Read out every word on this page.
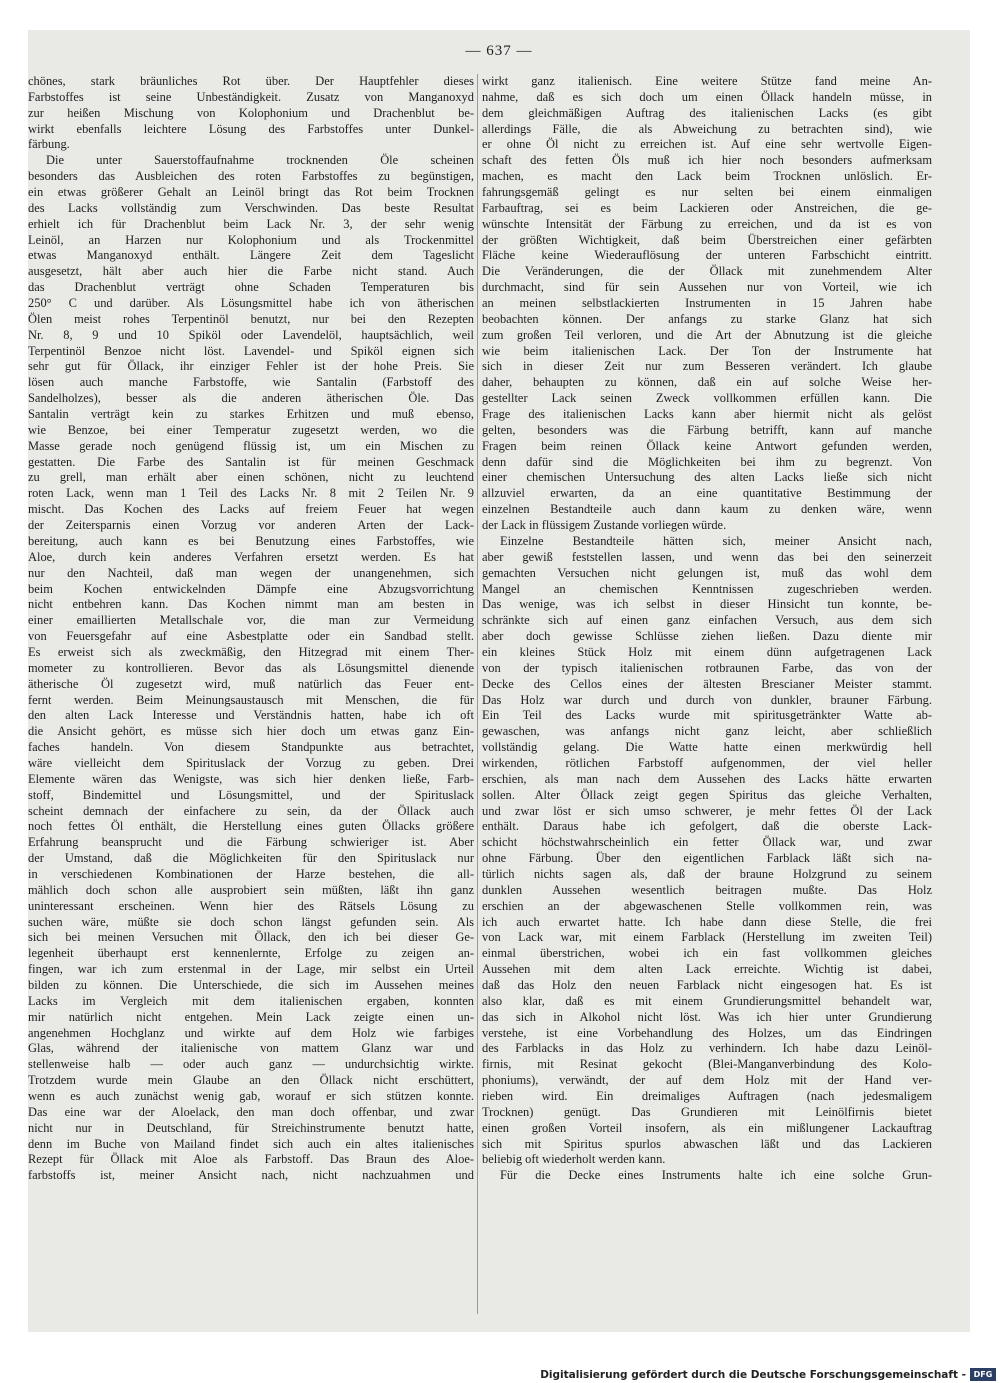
— 637 —
chönes, stark bräunliches Rot über. Der Hauptfehler dieses
Farbstoffes ist seine Unbeständigkeit. Zusatz von Manganoxyd
zur heißen Mischung von Kolophonium und Drachenblut be-
wirkt ebenfalls leichtere Lösung des Farbstoffes unter Dunkel-
färbung.
Die unter Sauerstoffaufnahme trocknenden Öle scheinen
besonders das Ausbleichen des roten Farbstoffes zu begünstigen,
ein etwas größerer Gehalt an Leinöl bringt das Rot beim Trocknen
des Lacks vollständig zum Verschwinden. Das beste Resultat
erhielt ich für Drachenblut beim Lack Nr. 3, der sehr wenig
Leinöl, an Harzen nur Kolophonium und als Trockenmittel
etwas Manganoxyd enthält. Längere Zeit dem Tageslicht
ausgesetzt, hält aber auch hier die Farbe nicht stand. Auch
das Drachenblut verträgt ohne Schaden Temperaturen bis
250° C und darüber. Als Lösungsmittel habe ich von ätherischen
Ölen meist rohes Terpentinöl benutzt, nur bei den Rezepten
Nr. 8, 9 und 10 Spiköl oder Lavendelöl, hauptsächlich, weil
Terpentinöl Benzoe nicht löst. Lavendel- und Spiköl eignen sich
sehr gut für Öllack, ihr einziger Fehler ist der hohe Preis. Sie
lösen auch manche Farbstoffe, wie Santalin (Farbstoff des
Sandelholzes), besser als die anderen ätherischen Öle. Das
Santalin verträgt kein zu starkes Erhitzen und muß ebenso,
wie Benzoe, bei einer Temperatur zugesetzt werden, wo die
Masse gerade noch genügend flüssig ist, um ein Mischen zu
gestatten. Die Farbe des Santalin ist für meinen Geschmack
zu grell, man erhält aber einen schönen, nicht zu leuchtend
roten Lack, wenn man 1 Teil des Lacks Nr. 8 mit 2 Teilen Nr. 9
mischt. Das Kochen des Lacks auf freiem Feuer hat wegen
der Zeitersparnis einen Vorzug vor anderen Arten der Lack-
bereitung, auch kann es bei Benutzung eines Farbstoffes, wie
Aloe, durch kein anderes Verfahren ersetzt werden. Es hat
nur den Nachteil, daß man wegen der unangenehmen, sich
beim Kochen entwickelnden Dämpfe eine Abzugsvorrichtung
nicht entbehren kann. Das Kochen nimmt man am besten in
einer emaillierten Metallschale vor, die man zur Vermeidung
von Feuersgefahr auf eine Asbestplatte oder ein Sandbad stellt.
Es erweist sich als zweckmäßig, den Hitzegrad mit einem Ther-
mometer zu kontrollieren. Bevor das als Lösungsmittel dienende
ätherische Öl zugesetzt wird, muß natürlich das Feuer ent-
fernt werden. Beim Meinungsaustausch mit Menschen, die für
den alten Lack Interesse und Verständnis hatten, habe ich oft
die Ansicht gehört, es müsse sich hier doch um etwas ganz Ein-
faches handeln. Von diesem Standpunkte aus betrachtet,
wäre vielleicht dem Spirituslack der Vorzug zu geben. Drei
Elemente wären das Wenigste, was sich hier denken ließe, Farb-
stoff, Bindemittel und Lösungsmittel, und der Spirituslack
scheint demnach der einfachere zu sein, da der Öllack auch
noch fettes Öl enthält, die Herstellung eines guten Öllacks größere
Erfahrung beansprucht und die Färbung schwieriger ist. Aber
der Umstand, daß die Möglichkeiten für den Spirituslack nur
in verschiedenen Kombinationen der Harze bestehen, die all-
mählich doch schon alle ausprobiert sein müßten, läßt ihn ganz
uninteressant erscheinen. Wenn hier des Rätsels Lösung zu
suchen wäre, müßte sie doch schon längst gefunden sein. Als
sich bei meinen Versuchen mit Öllack, den ich bei dieser Ge-
legenheit überhaupt erst kennenlernte, Erfolge zu zeigen an-
fingen, war ich zum erstenmal in der Lage, mir selbst ein Urteil
bilden zu können. Die Unterschiede, die sich im Aussehen meines
Lacks im Vergleich mit dem italienischen ergaben, konnten
mir natürlich nicht entgehen. Mein Lack zeigte einen un-
angenehmen Hochglanz und wirkte auf dem Holz wie farbiges
Glas, während der italienische von mattem Glanz war und
stellenweise halb — oder auch ganz — undurchsichtig wirkte.
Trotzdem wurde mein Glaube an den Öllack nicht erschüttert,
wenn es auch zunächst wenig gab, worauf er sich stützen konnte.
Das eine war der Aloelack, den man doch offenbar, und zwar
nicht nur in Deutschland, für Streichinstrumente benutzt hatte,
denn im Buche von Mailand findet sich auch ein altes italienisches
Rezept für Öllack mit Aloe als Farbstoff. Das Braun des Aloe-
farbstoffs ist, meiner Ansicht nach, nicht nachzuahmen und
wirkt ganz italienisch. Eine weitere Stütze fand meine An-
nahme, daß es sich doch um einen Öllack handeln müsse, in
dem gleichmäßigen Auftrag des italienischen Lacks (es gibt
allerdings Fälle, die als Abweichung zu betrachten sind), wie
er ohne Öl nicht zu erreichen ist. Auf eine sehr wertvolle Eigen-
schaft des fetten Öls muß ich hier noch besonders aufmerksam
machen, es macht den Lack beim Trocknen unlöslich. Er-
fahrungsgemäß gelingt es nur selten bei einem einmaligen
Farbauftrag, sei es beim Lackieren oder Anstreichen, die ge-
wünschte Intensität der Färbung zu erreichen, und da ist es von
der größten Wichtigkeit, daß beim Überstreichen einer gefärbten
Fläche keine Wiederauflösung der unteren Farbschicht eintritt.
Die Veränderungen, die der Öllack mit zunehmendem Alter
durchmacht, sind für sein Aussehen nur von Vorteil, wie ich
an meinen selbstlackierten Instrumenten in 15 Jahren habe
beobachten können. Der anfangs zu starke Glanz hat sich
zum großen Teil verloren, und die Art der Abnutzung ist die gleiche
wie beim italienischen Lack. Der Ton der Instrumente hat
sich in dieser Zeit nur zum Besseren verändert. Ich glaube
daher, behaupten zu können, daß ein auf solche Weise her-
gestellter Lack seinen Zweck vollkommen erfüllen kann. Die
Frage des italienischen Lacks kann aber hiermit nicht als gelöst
gelten, besonders was die Färbung betrifft, kann auf manche
Fragen beim reinen Öllack keine Antwort gefunden werden,
denn dafür sind die Möglichkeiten bei ihm zu begrenzt. Von
einer chemischen Untersuchung des alten Lacks ließe sich nicht
allzuviel erwarten, da an eine quantitative Bestimmung der
einzelnen Bestandteile auch dann kaum zu denken wäre, wenn
der Lack in flüssigem Zustande vorliegen würde.
Einzelne Bestandteile hätten sich, meiner Ansicht nach,
aber gewiß feststellen lassen, und wenn das bei den seinerzeit
gemachten Versuchen nicht gelungen ist, muß das wohl dem
Mangel an chemischen Kenntnissen zugeschrieben werden.
Das wenige, was ich selbst in dieser Hinsicht tun konnte, be-
schränkte sich auf einen ganz einfachen Versuch, aus dem sich
aber doch gewisse Schlüsse ziehen ließen. Dazu diente mir
ein kleines Stück Holz mit einem dünn aufgetragenen Lack
von der typisch italienischen rotbraunen Farbe, das von der
Decke des Cellos eines der ältesten Brescianer Meister stammt.
Das Holz war durch und durch von dunkler, brauner Färbung.
Ein Teil des Lacks wurde mit spiritusgetränkter Watte ab-
gewaschen, was anfangs nicht ganz leicht, aber schließlich
vollständig gelang. Die Watte hatte einen merkwürdig hell
wirkenden, rötlichen Farbstoff aufgenommen, der viel heller
erschien, als man nach dem Aussehen des Lacks hätte erwarten
sollen. Alter Öllack zeigt gegen Spiritus das gleiche Verhalten,
und zwar löst er sich umso schwerer, je mehr fettes Öl der Lack
enthält. Daraus habe ich gefolgert, daß die oberste Lack-
schicht höchstwahrscheinlich ein fetter Öllack war, und zwar
ohne Färbung. Über den eigentlichen Farblack läßt sich na-
türlich nichts sagen als, daß der braune Holzgrund zu seinem
dunklen Aussehen wesentlich beitragen mußte. Das Holz
erschien an der abgewaschenen Stelle vollkommen rein, was
ich auch erwartet hatte. Ich habe dann diese Stelle, die frei
von Lack war, mit einem Farblack (Herstellung im zweiten Teil)
einmal überstrichen, wobei ich ein fast vollkommen gleiches
Aussehen mit dem alten Lack erreichte. Wichtig ist dabei,
daß das Holz den neuen Farblack nicht eingesogen hat. Es ist
also klar, daß es mit einem Grundierungsmittel behandelt war,
das sich in Alkohol nicht löst. Was ich hier unter Grundierung
verstehe, ist eine Vorbehandlung des Holzes, um das Eindringen
des Farblacks in das Holz zu verhindern. Ich habe dazu Leinöl-
firnis, mit Resinat gekocht (Blei-Manganverbindung des Kolo-
phoniums), verwändt, der auf dem Holz mit der Hand ver-
rieben wird. Ein dreimaliges Auftragen (nach jedesmaligem
Trocknen) genügt. Das Grundieren mit Leinölfirnis bietet
einen großen Vorteil insofern, als ein mißlungener Lackauftrag
sich mit Spiritus spurlos abwaschen läßt und das Lackieren
beliebig oft wiederholt werden kann.
Für die Decke eines Instruments halte ich eine solche Grun-
Digitalisierung gefördert durch die Deutsche Forschungsgemeinschaft - DFG
